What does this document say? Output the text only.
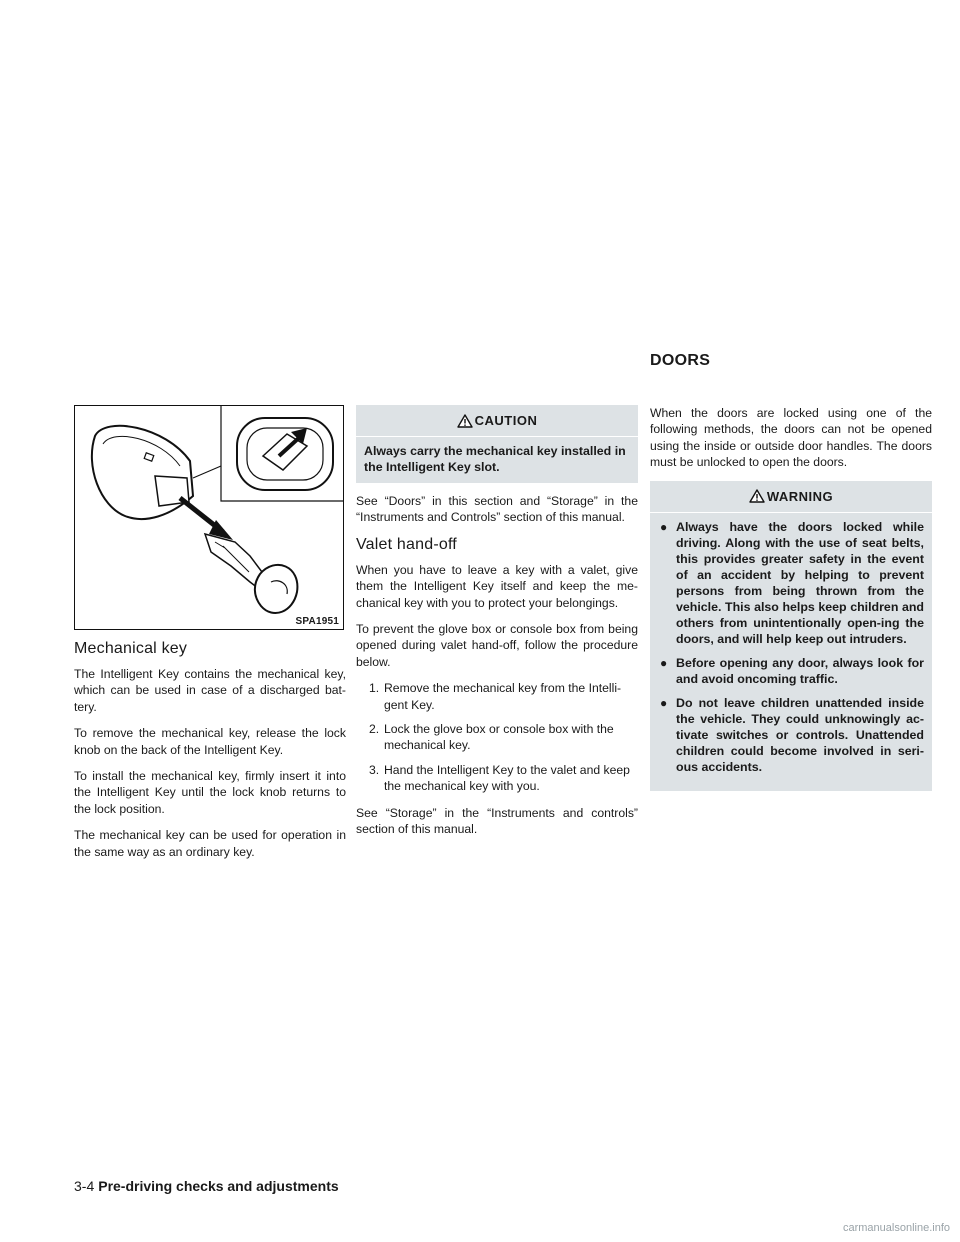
DOORS
SPA1951
Mechanical key

The Intelligent Key contains the mechanical key, which can be used in case of a discharged bat-tery.

To remove the mechanical key, release the lock knob on the back of the Intelligent Key.

To install the mechanical key, firmly insert it into the Intelligent Key until the lock knob returns to the lock position.

The mechanical key can be used for operation in the same way as an ordinary key.

CAUTION
Always carry the mechanical key installed in the Intelligent Key slot.

See “Doors” in this section and “Storage” in the “Instruments and Controls” section of this manual.

Valet hand-off

When you have to leave a key with a valet, give them the Intelligent Key itself and keep the me-chanical key with you to protect your belongings.

To prevent the glove box or console box from being opened during valet hand-off, follow the procedure below.

1. Remove the mechanical key from the Intelli-gent Key.
2. Lock the glove box or console box with the mechanical key.
3. Hand the Intelligent Key to the valet and keep the mechanical key with you.

See “Storage” in the “Instruments and controls” section of this manual.

When the doors are locked using one of the following methods, the doors can not be opened using the inside or outside door handles. The doors must be unlocked to open the doors.

WARNING
● Always have the doors locked while driving. Along with the use of seat belts, this provides greater safety in the event of an accident by helping to prevent persons from being thrown from the vehicle. This also helps keep children and others from unintentionally open-ing the doors, and will help keep out intruders.
● Before opening any door, always look for and avoid oncoming traffic.
● Do not leave children unattended inside the vehicle. They could unknowingly ac-tivate switches or controls. Unattended children could become involved in seri-ous accidents.
3-4 Pre-driving checks and adjustments
carmanualsonline.info
